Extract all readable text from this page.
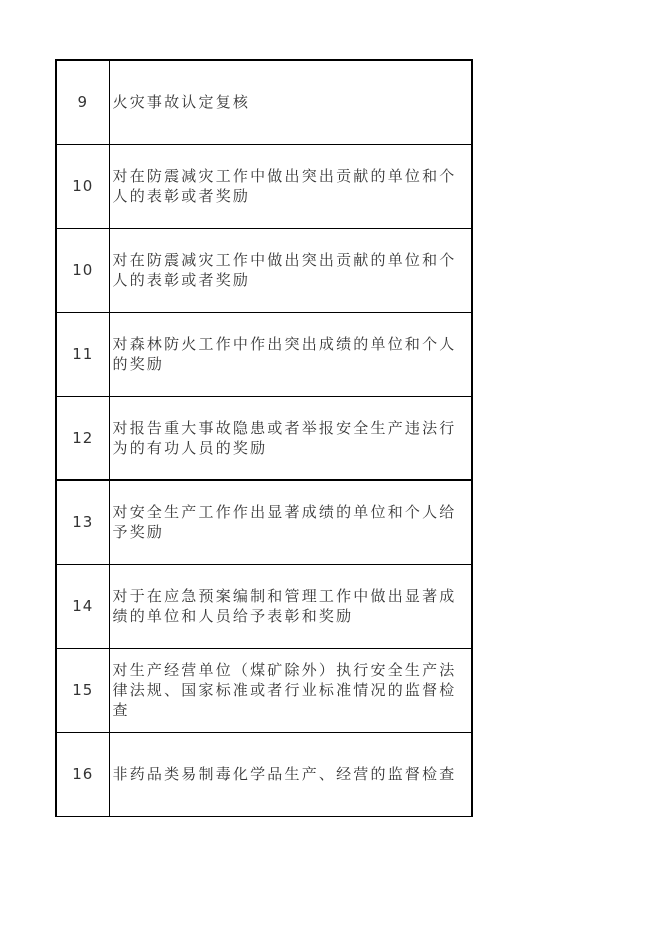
9	火灾事故认定复核
10	对在防震减灾工作中做出突出贡献的单位和个人的表彰或者奖励
10	对在防震减灾工作中做出突出贡献的单位和个人的表彰或者奖励
11	对森林防火工作中作出突出成绩的单位和个人的奖励
12	对报告重大事故隐患或者举报安全生产违法行为的有功人员的奖励
13	对安全生产工作作出显著成绩的单位和个人给予奖励
14	对于在应急预案编制和管理工作中做出显著成绩的单位和人员给予表彰和奖励
15	对生产经营单位（煤矿除外）执行安全生产法律法规、国家标准或者行业标准情况的监督检查
16	非药品类易制毒化学品生产、经营的监督检查
